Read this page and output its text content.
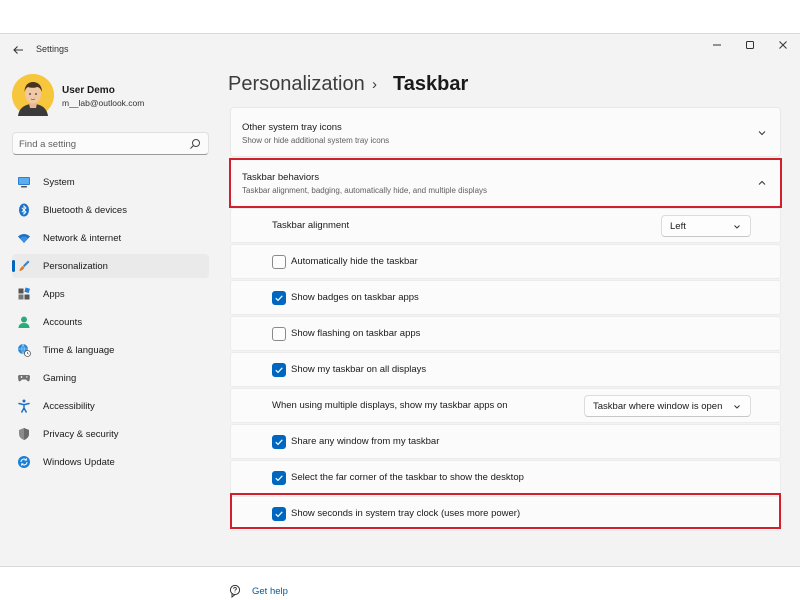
Settings
User Demo
m__lab@outlook.com
Find a setting
System
Bluetooth & devices
Network & internet
Personalization
Apps
Accounts
Time & language
Gaming
Accessibility
Privacy & security
Windows Update
Personalization › Taskbar
Other system tray icons
Show or hide additional system tray icons
Taskbar behaviors
Taskbar alignment, badging, automatically hide, and multiple displays
Taskbar alignment	Left
Automatically hide the taskbar
Show badges on taskbar apps
Show flashing on taskbar apps
Show my taskbar on all displays
When using multiple displays, show my taskbar apps on	Taskbar where window is open
Share any window from my taskbar
Select the far corner of the taskbar to show the desktop
Show seconds in system tray clock (uses more power)
Get help
